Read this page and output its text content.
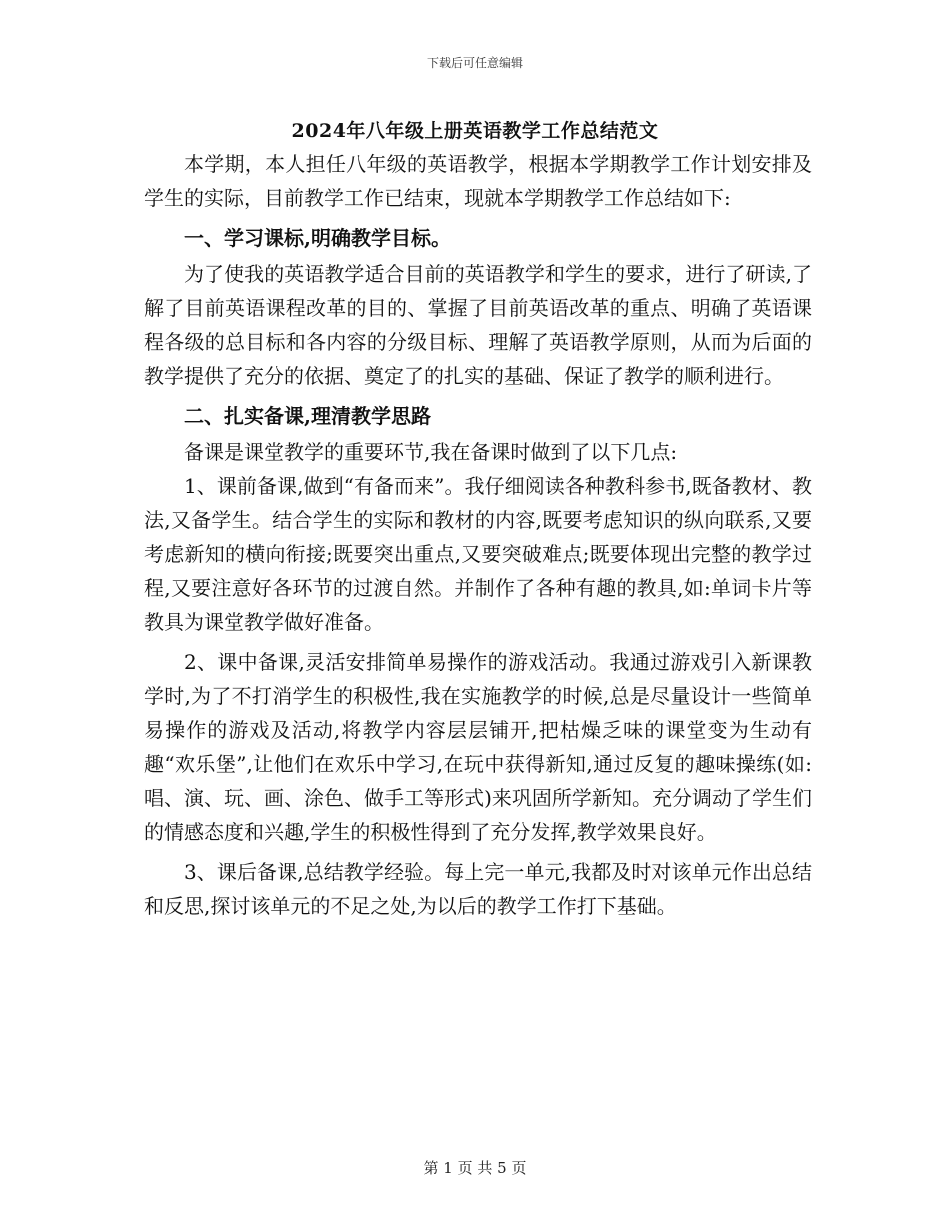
下载后可任意编辑
2024年八年级上册英语教学工作总结范文

本学期，本人担任八年级的英语教学，根据本学期教学工作计划安排及学生的实际，目前教学工作已结束，现就本学期教学工作总结如下:

一、学习课标,明确教学目标。

为了使我的英语教学适合目前的英语教学和学生的要求，进行了研读,了解了目前英语课程改革的目的、掌握了目前英语改革的重点、明确了英语课程各级的总目标和各内容的分级目标、理解了英语教学原则，从而为后面的教学提供了充分的依据、奠定了的扎实的基础、保证了教学的顺利进行。

二、扎实备课,理清教学思路

备课是课堂教学的重要环节,我在备课时做到了以下几点:

1、课前备课,做到“有备而来”。我仔细阅读各种教科参书,既备教材、教法,又备学生。结合学生的实际和教材的内容,既要考虑知识的纵向联系,又要考虑新知的横向衔接;既要突出重点,又要突破难点;既要体现出完整的教学过程,又要注意好各环节的过渡自然。并制作了各种有趣的教具,如:单词卡片等教具为课堂教学做好准备。

2、课中备课,灵活安排简单易操作的游戏活动。我通过游戏引入新课教学时,为了不打消学生的积极性,我在实施教学的时候,总是尽量设计一些简单易操作的游戏及活动,将教学内容层层铺开,把枯燥乏味的课堂变为生动有趣“欢乐堡”,让他们在欢乐中学习,在玩中获得新知,通过反复的趣味操练(如:唱、演、玩、画、涂色、做手工等形式)来巩固所学新知。充分调动了学生们的情感态度和兴趣,学生的积极性得到了充分发挥,教学效果良好。

3、课后备课,总结教学经验。每上完一单元,我都及时对该单元作出总结和反思,探讨该单元的不足之处,为以后的教学工作打下基础。

第 1 页 共 5 页
